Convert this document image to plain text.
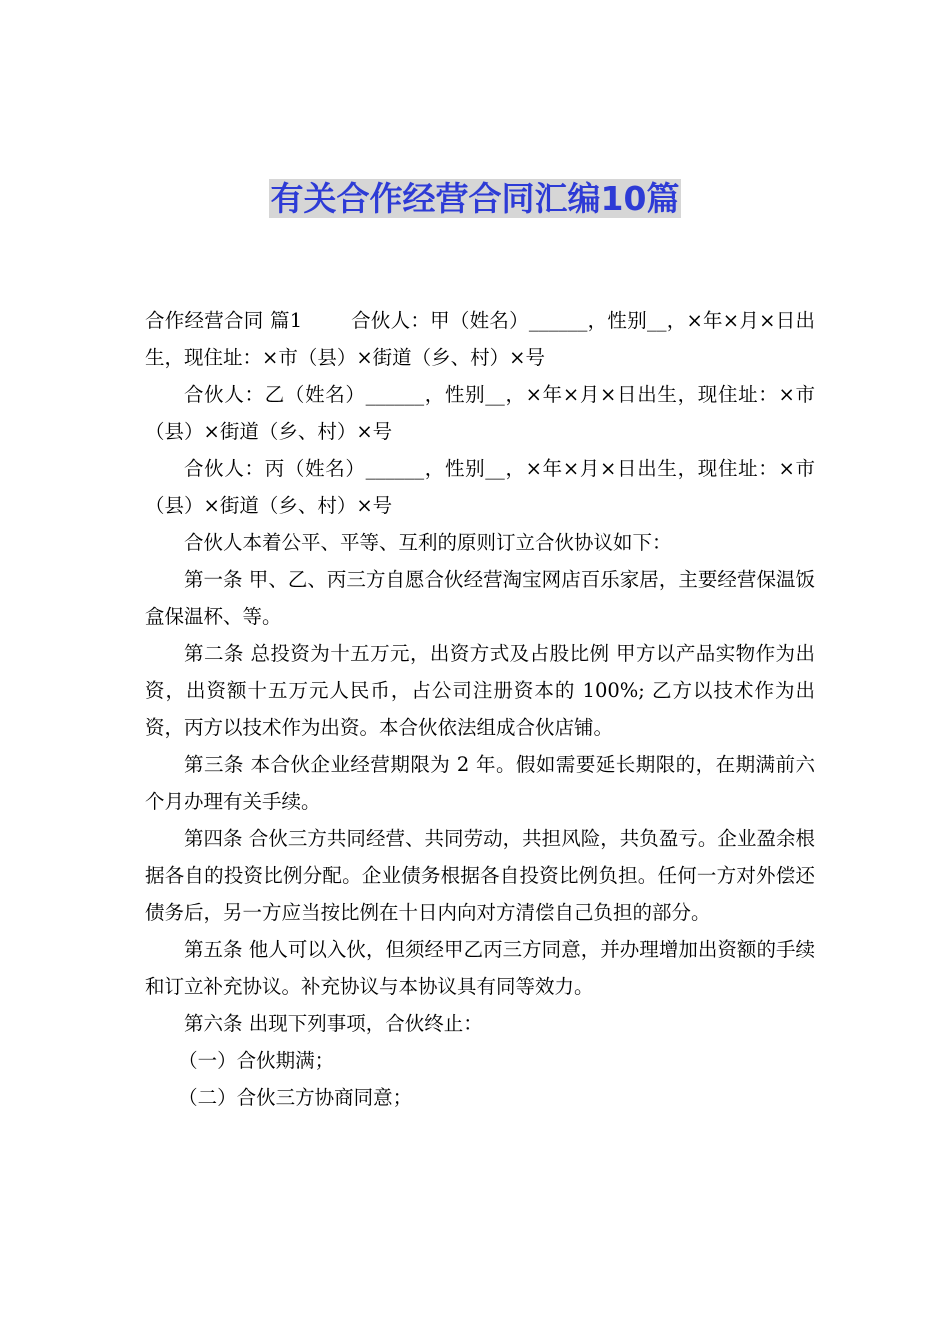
有关合作经营合同汇编10篇

合作经营合同 篇1	合伙人：甲（姓名）______，性别__，×年×月×日出生，现住址：×市（县）×街道（乡、村）×号

合伙人：乙（姓名）______，性别__，×年×月×日出生，现住址：×市（县）×街道（乡、村）×号

合伙人：丙（姓名）______，性别__，×年×月×日出生，现住址：×市（县）×街道（乡、村）×号

合伙人本着公平、平等、互利的原则订立合伙协议如下：

第一条 甲、乙、丙三方自愿合伙经营淘宝网店百乐家居，主要经营保温饭盒保温杯、等。

第二条 总投资为十五万元，出资方式及占股比例 甲方以产品实物作为出资，出资额十五万元人民币，占公司注册资本的 100%; 乙方以技术作为出资，丙方以技术作为出资。本合伙依法组成合伙店铺。

第三条 本合伙企业经营期限为 2 年。假如需要延长期限的，在期满前六个月办理有关手续。

第四条 合伙三方共同经营、共同劳动，共担风险，共负盈亏。企业盈余根据各自的投资比例分配。企业债务根据各自投资比例负担。任何一方对外偿还债务后，另一方应当按比例在十日内向对方清偿自己负担的部分。

第五条 他人可以入伙，但须经甲乙丙三方同意，并办理增加出资额的手续和订立补充协议。补充协议与本协议具有同等效力。

第六条 出现下列事项，合伙终止：

（一）合伙期满；

（二）合伙三方协商同意；
